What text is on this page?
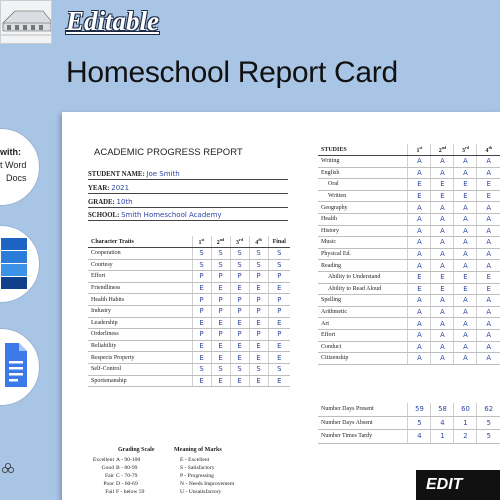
Editable
Homeschool Report Card
with:
t Word
Docs
ACADEMIC PROGRESS REPORT
STUDENT NAME: Joe Smith
YEAR: 2021
GRADE: 10th
SCHOOL: Smith Homeschool Academy
Character Traits	1st	2nd	3rd	4th	Final
Cooperation	S	S	S	S	S
Courtesy	S	S	S	S	S
Effort	P	P	P	P	P
Friendliness	E	E	E	E	E
Health Habits	P	P	P	P	P
Industry	P	P	P	P	P
Leadership	E	E	E	E	E
Orderliness	P	P	P	P	P
Reliability	E	E	E	E	E
Respects Property	E	E	E	E	E
Self-Control	S	S	S	S	S
Sportsmanship	E	E	E	E	E
Grading Scale	Meaning of Marks
Excellent A - 90-100	E - Excellent
Good B - 80-99	S - Satisfactory
Fair C - 70-79	P - Progressing
Poor D - 60-69	N - Needs Improvement
Fail F - below 59	U - Unsatisfactory
STUDIES	1st	2nd	3rd	4th
Writing	A	A	A	A
English	A	A	A	A
Oral	E	E	E	E
Written	E	E	E	E
Geography	A	A	A	A
Health	A	A	A	A
History	A	A	A	A
Music	A	A	A	A
Physical Ed.	A	A	A	A
Reading	A	A	A	A
Ability to Understand	E	E	E	E
Ability to Read Aloud	E	E	E	E
Spelling	A	A	A	A
Arithmetic	A	A	A	A
Art	A	A	A	A
Effort	A	A	A	A
Conduct	A	A	A	A
Citizenship	A	A	A	A
Number Days Present	59	58	60	62
Number Days Absent	5	4	1	5
Number Times Tardy	4	1	2	5
EDIT
